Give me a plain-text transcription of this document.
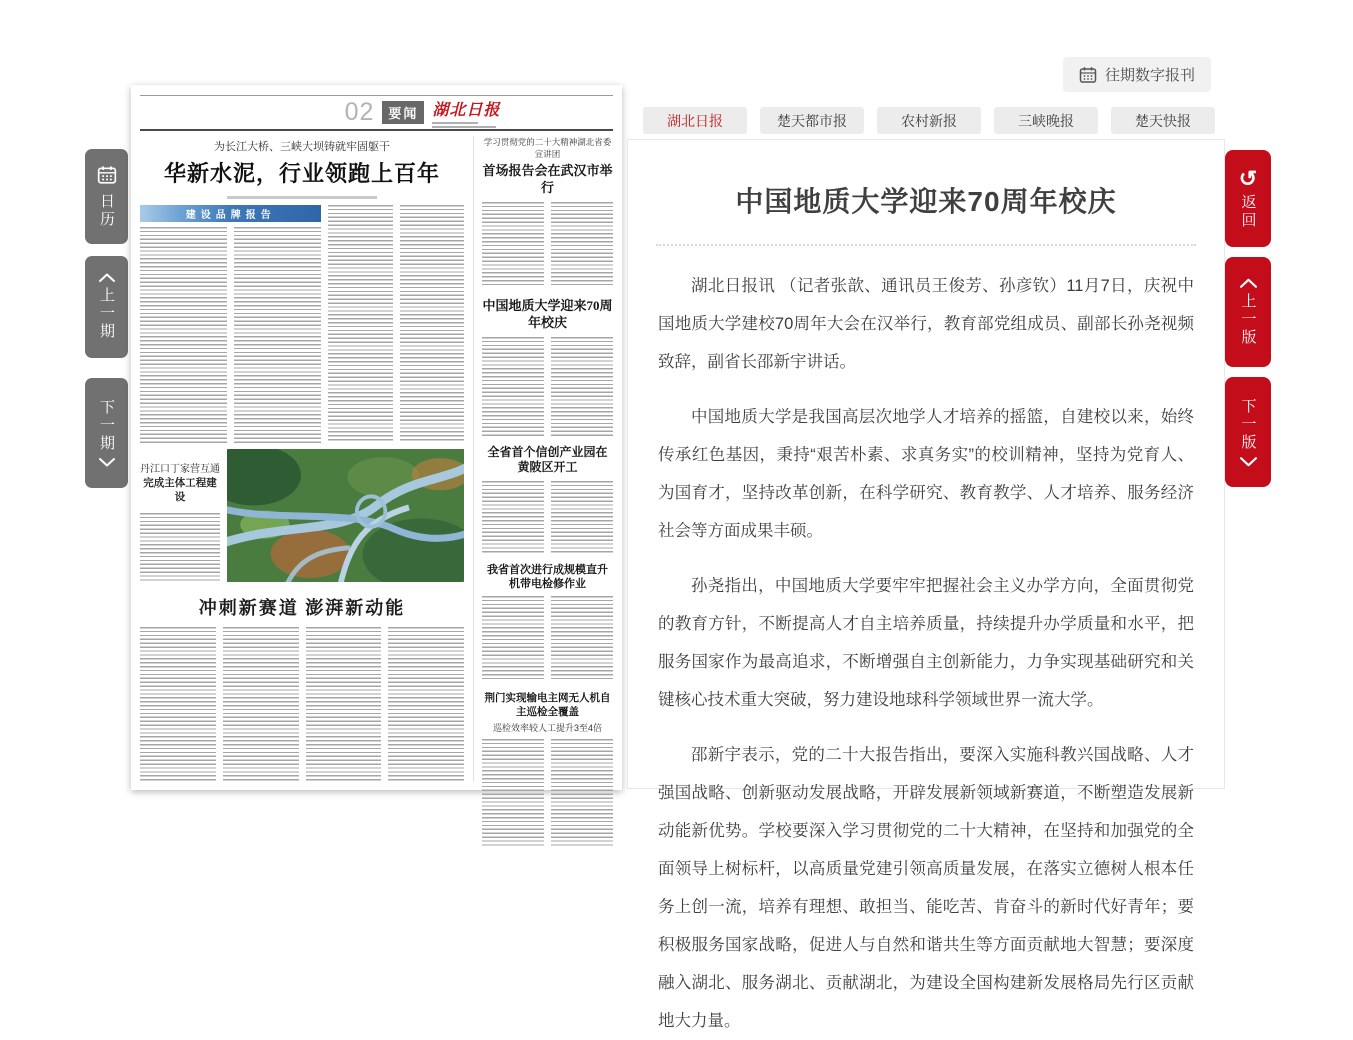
往期数字报刊
日历
上一期
下一期
02	要闻 湖北日报
为长江大桥、三峡大坝铸就牢固躯干
华新水泥，行业领跑上百年
建设品牌报告
丹江口丁家营互通
完成主体工程建设
冲刺新赛道 澎湃新动能
学习贯彻党的二十大精神湖北省委宣讲团
首场报告会在武汉市举行
中国地质大学迎来70周年校庆
全省首个信创产业园在黄陂区开工
我省首次进行成规模直升机带电检修作业
荆门实现输电主网无人机自主巡检全覆盖
巡检效率较人工提升3至4倍
湖北日报	楚天都市报	农村新报	三峡晚报	楚天快报
中国地质大学迎来70周年校庆

湖北日报讯 （记者张歆、通讯员王俊芳、孙彦钦）11月7日，庆祝中国地质大学建校70周年大会在汉举行，教育部党组成员、副部长孙尧视频致辞，副省长邵新宇讲话。

中国地质大学是我国高层次地学人才培养的摇篮，自建校以来，始终传承红色基因，秉持“艰苦朴素、求真务实”的校训精神，坚持为党育人、为国育才，坚持改革创新，在科学研究、教育教学、人才培养、服务经济社会等方面成果丰硕。

孙尧指出，中国地质大学要牢牢把握社会主义办学方向，全面贯彻党的教育方针，不断提高人才自主培养质量，持续提升办学质量和水平，把服务国家作为最高追求，不断增强自主创新能力，力争实现基础研究和关键核心技术重大突破，努力建设地球科学领域世界一流大学。

邵新宇表示，党的二十大报告指出，要深入实施科教兴国战略、人才强国战略、创新驱动发展战略，开辟发展新领域新赛道，不断塑造发展新动能新优势。学校要深入学习贯彻党的二十大精神，在坚持和加强党的全面领导上树标杆，以高质量党建引领高质量发展，在落实立德树人根本任务上创一流，培养有理想、敢担当、能吃苦、肯奋斗的新时代好青年；要积极服务国家战略，促进人与自然和谐共生等方面贡献地大智慧；要深度融入湖北、服务湖北、贡献湖北，为建设全国构建新发展格局先行区贡献地大力量。

↺
返回
上一版
下一版
